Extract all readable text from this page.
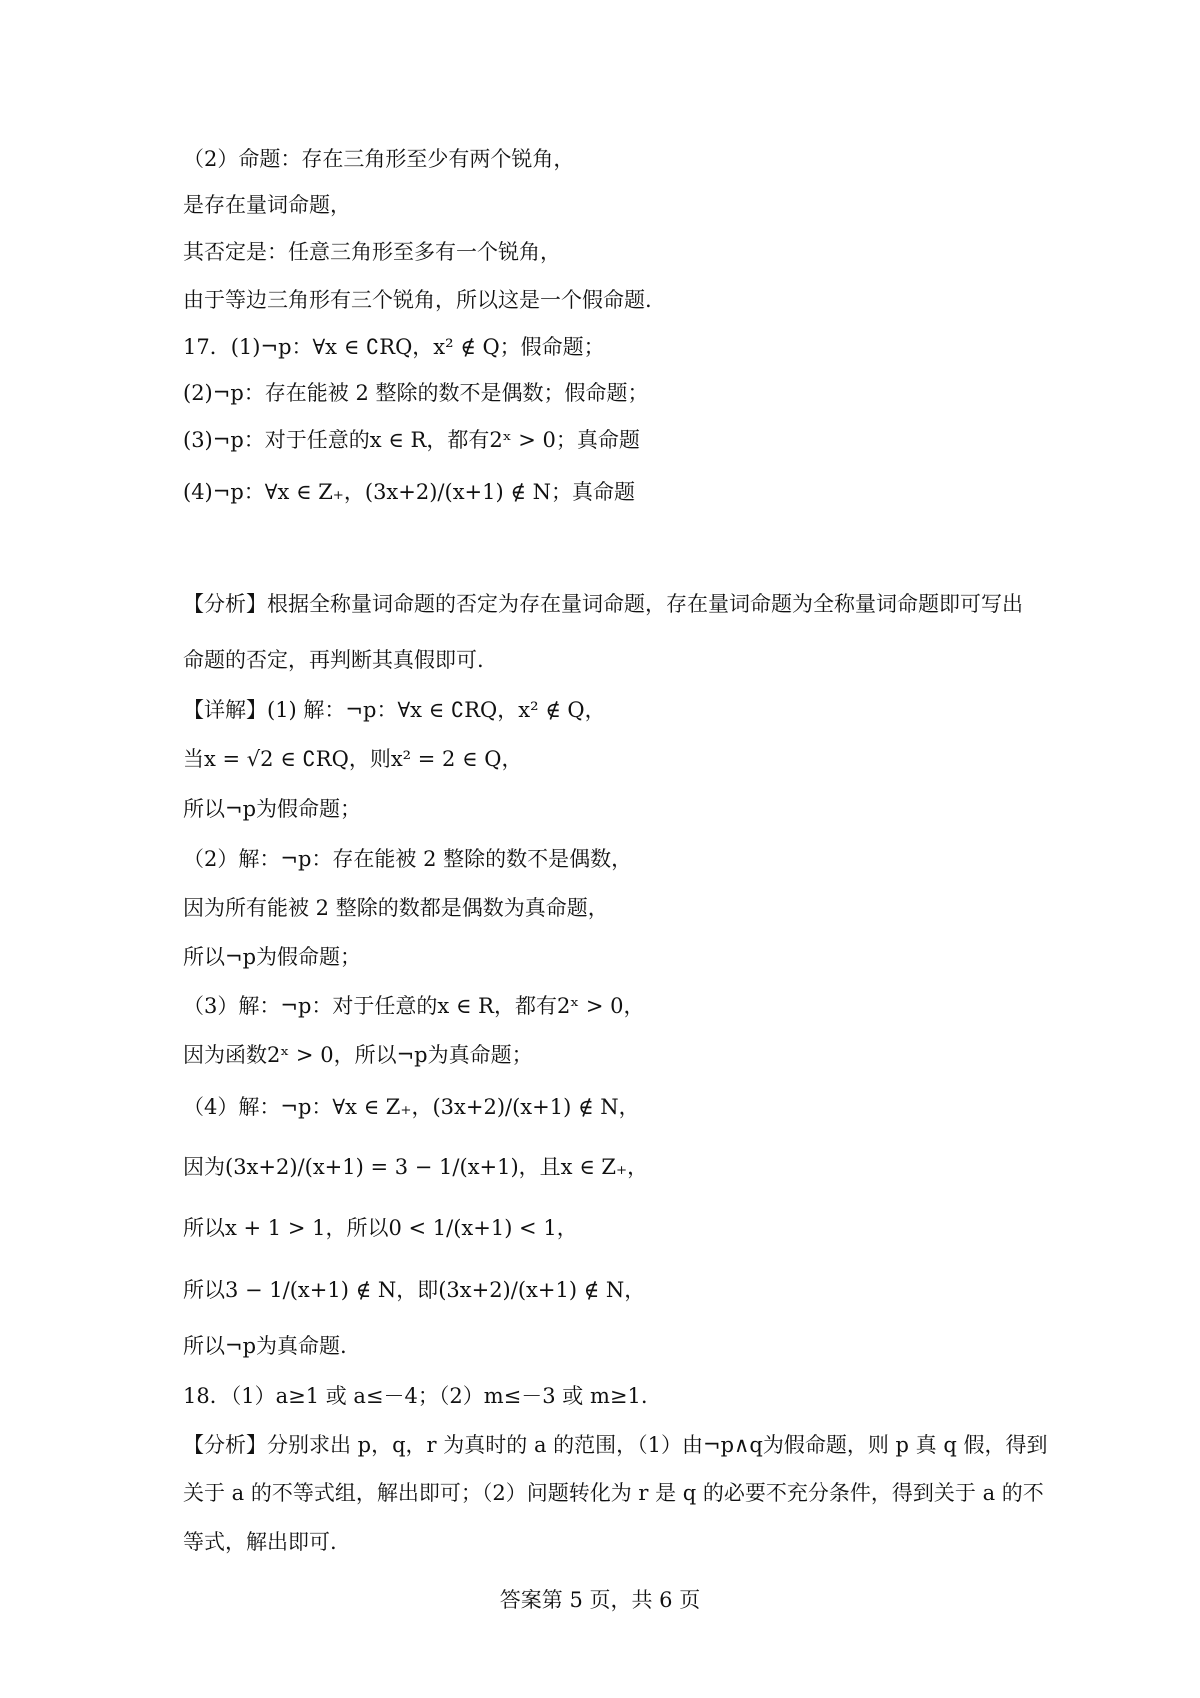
（2）命题：存在三角形至少有两个锐角，
是存在量词命题，
其否定是：任意三角形至多有一个锐角，
由于等边三角形有三个锐角，所以这是一个假命题.
17．(1)¬p：∀x ∈ ∁RQ，x² ∉ Q；假命题；
(2)¬p：存在能被 2 整除的数不是偶数；假命题；
(3)¬p：对于任意的x ∈ R，都有2ˣ > 0；真命题
(4)¬p：∀x ∈ Z₊，(3x+2)/(x+1) ∉ N；真命题
【分析】根据全称量词命题的否定为存在量词命题，存在量词命题为全称量词命题即可写出
命题的否定，再判断其真假即可.
【详解】(1) 解：¬p：∀x ∈ ∁RQ，x² ∉ Q，
当x = √2 ∈ ∁RQ，则x² = 2 ∈ Q，
所以¬p为假命题；
（2）解：¬p：存在能被 2 整除的数不是偶数，
因为所有能被 2 整除的数都是偶数为真命题，
所以¬p为假命题；
（3）解：¬p：对于任意的x ∈ R，都有2ˣ > 0，
因为函数2ˣ > 0，所以¬p为真命题；
（4）解：¬p：∀x ∈ Z₊，(3x+2)/(x+1) ∉ N，
因为(3x+2)/(x+1) = 3 − 1/(x+1)，且x ∈ Z₊，
所以x + 1 > 1，所以0 < 1/(x+1) < 1，
所以3 − 1/(x+1) ∉ N，即(3x+2)/(x+1) ∉ N，
所以¬p为真命题.
18．（1）a≥1 或 a≤－4；（2）m≤－3 或 m≥1.
【分析】分别求出 p，q，r 为真时的 a 的范围，（1）由¬p∧q为假命题，则 p 真 q 假，得到
关于 a 的不等式组，解出即可；（2）问题转化为 r 是 q 的必要不充分条件，得到关于 a 的不
等式，解出即可.
答案第 5 页，共 6 页
